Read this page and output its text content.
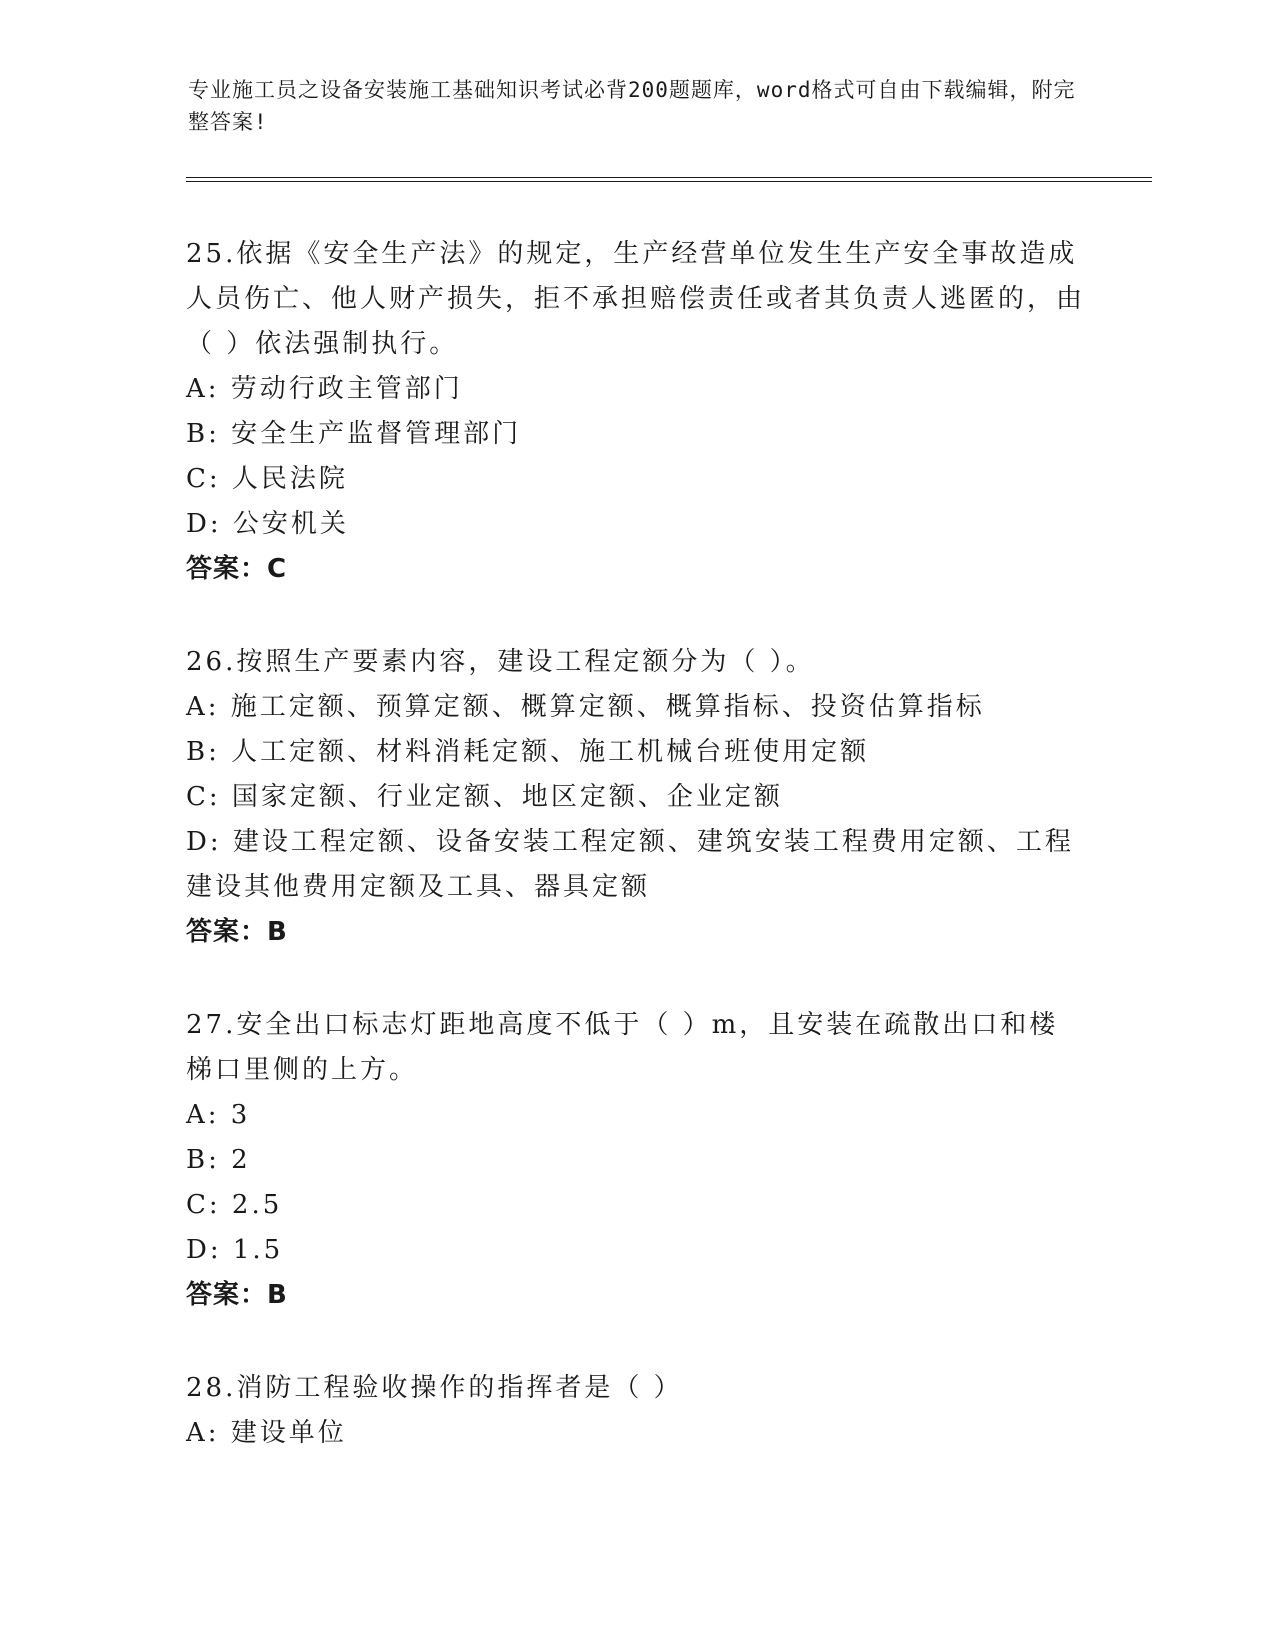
专业施工员之设备安装施工基础知识考试必背200题题库，word格式可自由下载编辑，附完整答案!
25.依据《安全生产法》的规定，生产经营单位发生生产安全事故造成人员伤亡、他人财产损失，拒不承担赔偿责任或者其负责人逃匿的，由（ ）依法强制执行。
A: 劳动行政主管部门
B: 安全生产监督管理部门
C: 人民法院
D: 公安机关
答案：C
26.按照生产要素内容，建设工程定额分为（ ）。
A: 施工定额、预算定额、概算定额、概算指标、投资估算指标
B: 人工定额、材料消耗定额、施工机械台班使用定额
C: 国家定额、行业定额、地区定额、企业定额
D: 建设工程定额、设备安装工程定额、建筑安装工程费用定额、工程建设其他费用定额及工具、器具定额
答案：B
27.安全出口标志灯距地高度不低于（ ）m，且安装在疏散出口和楼梯口里侧的上方。
A: 3
B: 2
C: 2.5
D: 1.5
答案：B
28.消防工程验收操作的指挥者是（ ）
A: 建设单位
